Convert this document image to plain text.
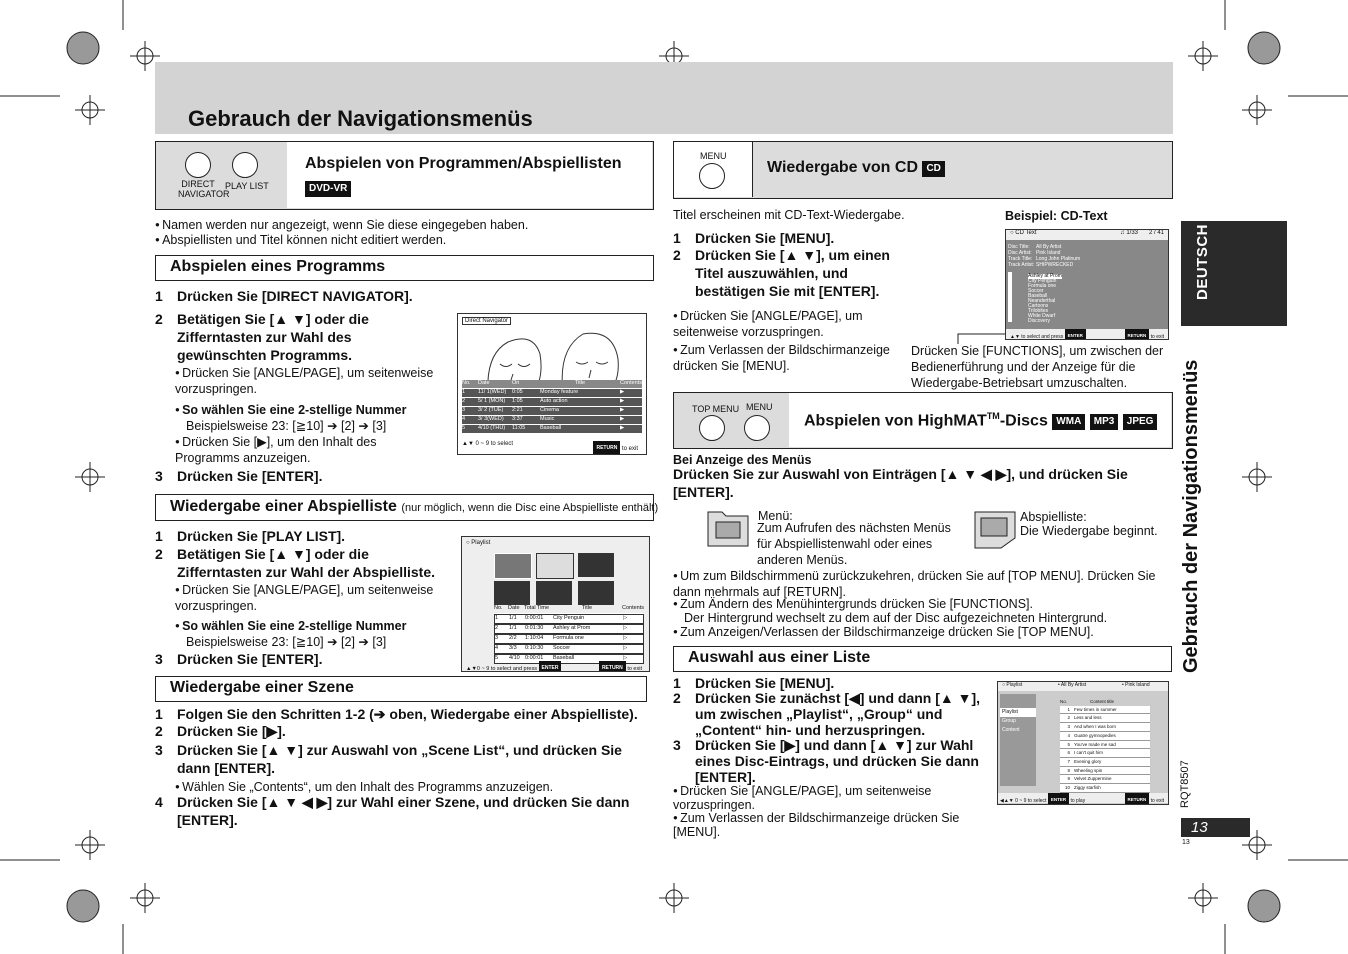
Gebrauch der Navigationsmenüs
DIRECT
NAVIGATOR
PLAY LIST
Abspielen von Programmen/Abspiellisten
DVD-VR
● Namen werden nur angezeigt, wenn Sie diese eingegeben haben.
● Abspiellisten und Titel können nicht editiert werden.
Abspielen eines Programms
1 Drücken Sie [DIRECT NAVIGATOR].
2 Betätigen Sie [▲ ▼] oder die Zifferntasten zur Wahl des gewünschten Programms.
● Drücken Sie [ANGLE/PAGE], um seitenweise vorzuspringen.
● So wählen Sie eine 2-stellige Nummer
Beispielsweise 23: [≧10] ➔ [2] ➔ [3]
● Drücken Sie [▶], um den Inhalt des Programms anzuzeigen.
3 Drücken Sie [ENTER].
Direct Navigator
No.	Date	On	Title	Contents
1	11/ 1(WED)	0:05	Monday feature	▶
2	5/ 1 (MON)	1:05	Auto action	▶
3	3/ 2 (TUE)	2:21	Cinema	▶
4	3/ 3(WED)	3:37	Music	▶
5	4/10 (THU)	11:05	Baseball	▶
▲▼ 0 ~ 9 to select
RETURN to exit
Wiedergabe einer Abspielliste (nur möglich, wenn die Disc eine Abspielliste enthält)
1 Drücken Sie [PLAY LIST].
2 Betätigen Sie [▲ ▼] oder die Zifferntasten zur Wahl der Abspielliste.
● Drücken Sie [ANGLE/PAGE], um seitenweise vorzuspringen.
● So wählen Sie eine 2-stellige Nummer
Beispielsweise 23: [≧10] ➔ [2] ➔ [3]
3 Drücken Sie [ENTER].
○ Playlist
No. Date Total Time	Title	Contents
1	1/1	0:00:01	City Penguin	▷
2	1/1	0:01:30	Ashley at Prom	▷
3	2/2	1:10:04	Formula one	▷
4	3/3	0:10:30	Soccer	▷
5	4/10 0:00:01	Baseball	▷
▲▼0 ~ 9 to select and press ENTER	RETURN to exit
Wiedergabe einer Szene
1 Folgen Sie den Schritten 1-2 (➔ oben, Wiedergabe einer Abspielliste).
2 Drücken Sie [▶].
3 Drücken Sie [▲ ▼] zur Auswahl von „Scene List“, und drücken Sie dann [ENTER].
● Wählen Sie „Contents“, um den Inhalt des Programms anzuzeigen.
4 Drücken Sie [▲ ▼ ◀ ▶] zur Wahl einer Szene, und drücken Sie dann [ENTER].
MENU
Wiedergabe von CD CD
Titel erscheinen mit CD-Text-Wiedergabe.	Beispiel: CD-Text
1 Drücken Sie [MENU].
2 Drücken Sie [▲ ▼], um einen Titel auszuwählen, und bestätigen Sie mit [ENTER].
● Drücken Sie [ANGLE/PAGE], um seitenweise vorzuspringen.
● Zum Verlassen der Bildschirmanzeige drücken Sie [MENU].
Drücken Sie [FUNCTIONS], um zwischen der Bedienerführung und der Anzeige für die Wiedergabe-Betriebsart umzuschalten.
○ CD Text	♫ 1/33 2 / 41
Disc Title: All By Artist
Disc Artist: Pink Island
Track Title: Long John Platinum
Track Artist: SHIPWRECKED
Ashley at Prom
City Penguin
Formula one
Soccer
Baseball
Neanderthal
Cartoons
Trilobites
White Dwarf
Discovery
▲▼ to select and press ENTER	RETURN to exit
TOP MENU MENU
Abspielen von HighMAT™-Discs WMA MP3 JPEG
Bei Anzeige des Menüs
Drücken Sie zur Auswahl von Einträgen [▲ ▼ ◀ ▶], und drücken Sie [ENTER].
Menü:
Zum Aufrufen des nächsten Menüs für Abspiellistenwahl oder eines anderen Menüs.
Abspielliste:
Die Wiedergabe beginnt.
● Um zum Bildschirmmenü zurückzukehren, drücken Sie auf [TOP MENU]. Drücken Sie dann mehrmals auf [RETURN].
● Zum Ändern des Menühintergrunds drücken Sie [FUNCTIONS].
Der Hintergrund wechselt zu dem auf der Disc aufgezeichneten Hintergrund.
● Zum Anzeigen/Verlassen der Bildschirmanzeige drücken Sie [TOP MENU].
Auswahl aus einer Liste
1 Drücken Sie [MENU].
2 Drücken Sie zunächst [◀] und dann [▲ ▼], um zwischen „Playlist“, „Group“ und „Content“ hin- und herzuspringen.
3 Drücken Sie [▶] und dann [▲ ▼] zur Wahl eines Disc-Eintrags, und drücken Sie dann [ENTER].
● Drücken Sie [ANGLE/PAGE], um seitenweise vorzuspringen.
● Zum Verlassen der Bildschirmanzeige drücken Sie [MENU].
○ Playlist	• All By Artist	• Pink Island
Playlist
Group
Content
No.	Content title
1 Few times in summer
2 Less and less
3 And when I was born
4 Guatre gymnopedies
5 You've made me sad
6 I can't quit him
7 Evening glory
8 Wheeling spin
9 Velvet Zuppermine
10 Ziggy starfish
◀▲▼ 0 ~ 9 to select ENTER to play	RETURN to exit
DEUTSCH
Gebrauch der Navigationsmenüs
RQT8507
13
13
